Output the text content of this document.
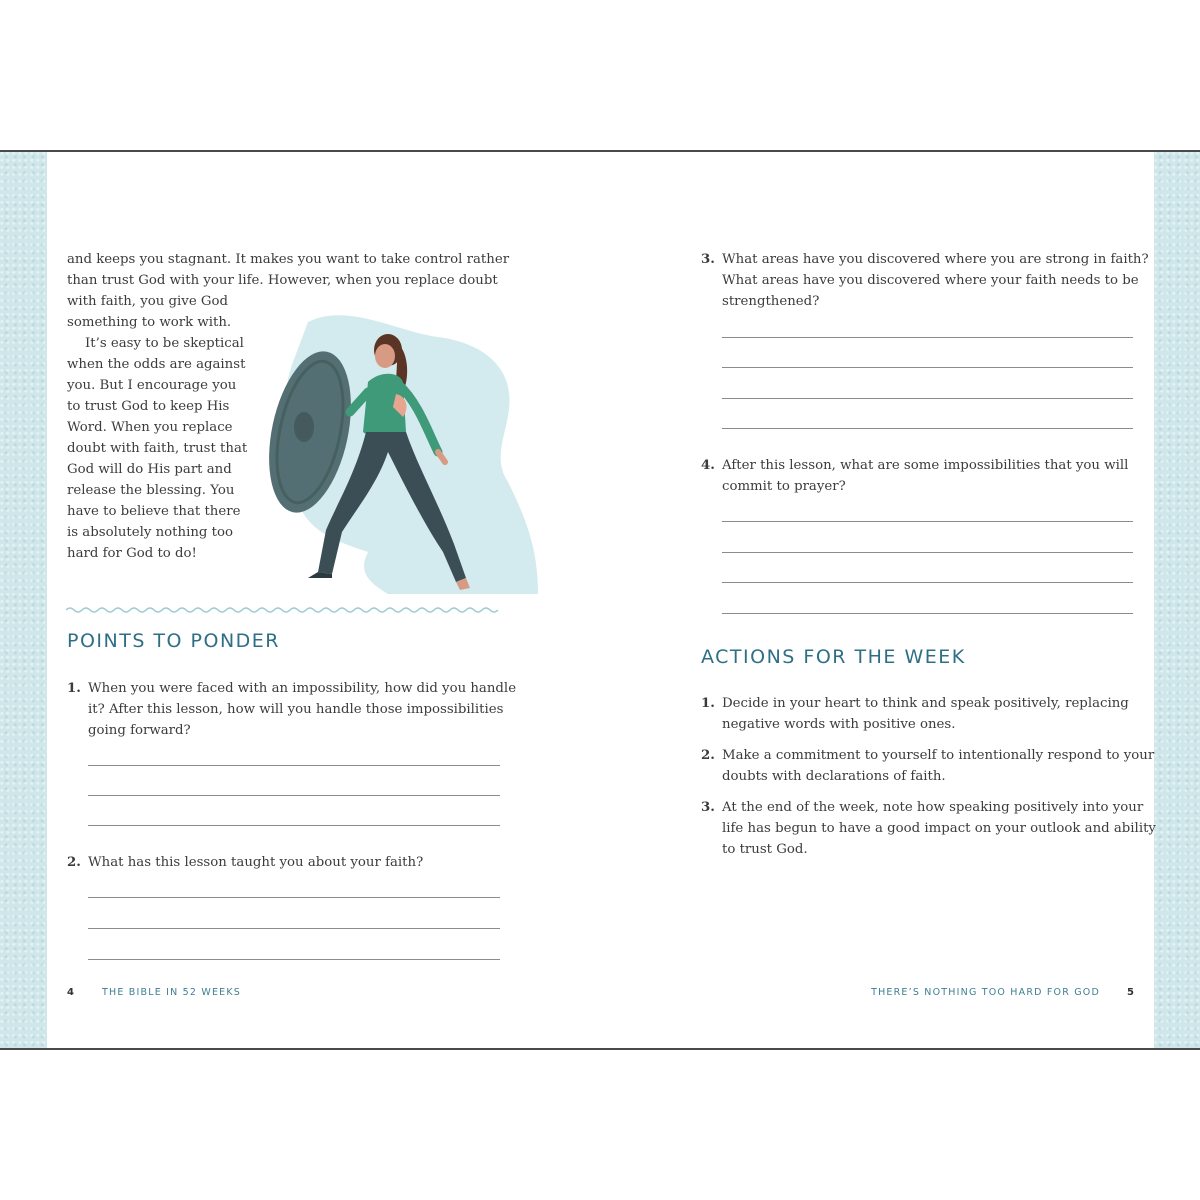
and keeps you stagnant. It makes you want to take control rather
than trust God with your life. However, when you replace doubt
with faith, you give God
something to work with.
It’s easy to be skeptical
when the odds are against
you. But I encourage you
to trust God to keep His
Word. When you replace
doubt with faith, trust that
God will do His part and
release the blessing. You
have to believe that there
is absolutely nothing too
hard for God to do!
POINTS TO PONDER
1. When you were faced with an impossibility, how did you handle
it? After this lesson, how will you handle those impossibilities
going forward?
2. What has this lesson taught you about your faith?
4	THE BIBLE IN 52 WEEKS
3. What areas have you discovered where you are strong in faith?
What areas have you discovered where your faith needs to be
strengthened?
4. After this lesson, what are some impossibilities that you will
commit to prayer?
ACTIONS FOR THE WEEK
1. Decide in your heart to think and speak positively, replacing
negative words with positive ones.
2. Make a commitment to yourself to intentionally respond to your
doubts with declarations of faith.
3. At the end of the week, note how speaking positively into your
life has begun to have a good impact on your outlook and ability
to trust God.
THERE’S NOTHING TOO HARD FOR GOD	5
